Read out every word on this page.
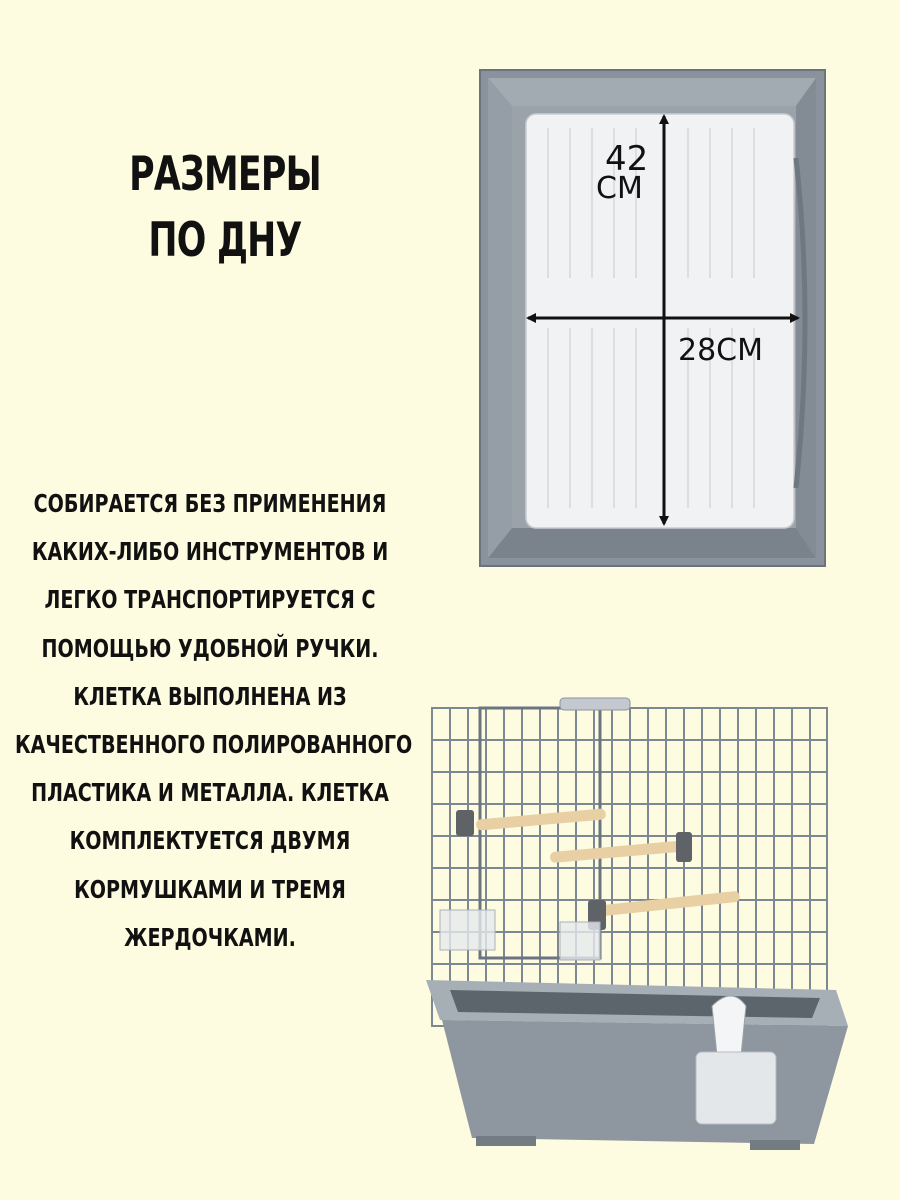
РАЗМЕРЫ
ПО ДНУ
СОБИРАЕТСЯ БЕЗ ПРИМЕНЕНИЯ
КАКИХ-ЛИБО ИНСТРУМЕНТОВ И
ЛЕГКО ТРАНСПОРТИРУЕТСЯ С
ПОМОЩЬЮ УДОБНОЙ РУЧКИ.
КЛЕТКА ВЫПОЛНЕНА ИЗ
КАЧЕСТВЕННОГО ПОЛИРОВАННОГО
ПЛАСТИКА И МЕТАЛЛА. КЛЕТКА
КОМПЛЕКТУЕТСЯ ДВУМЯ
КОРМУШКАМИ И ТРЕМЯ
ЖЕРДОЧКАМИ.
42
СМ
28СМ
